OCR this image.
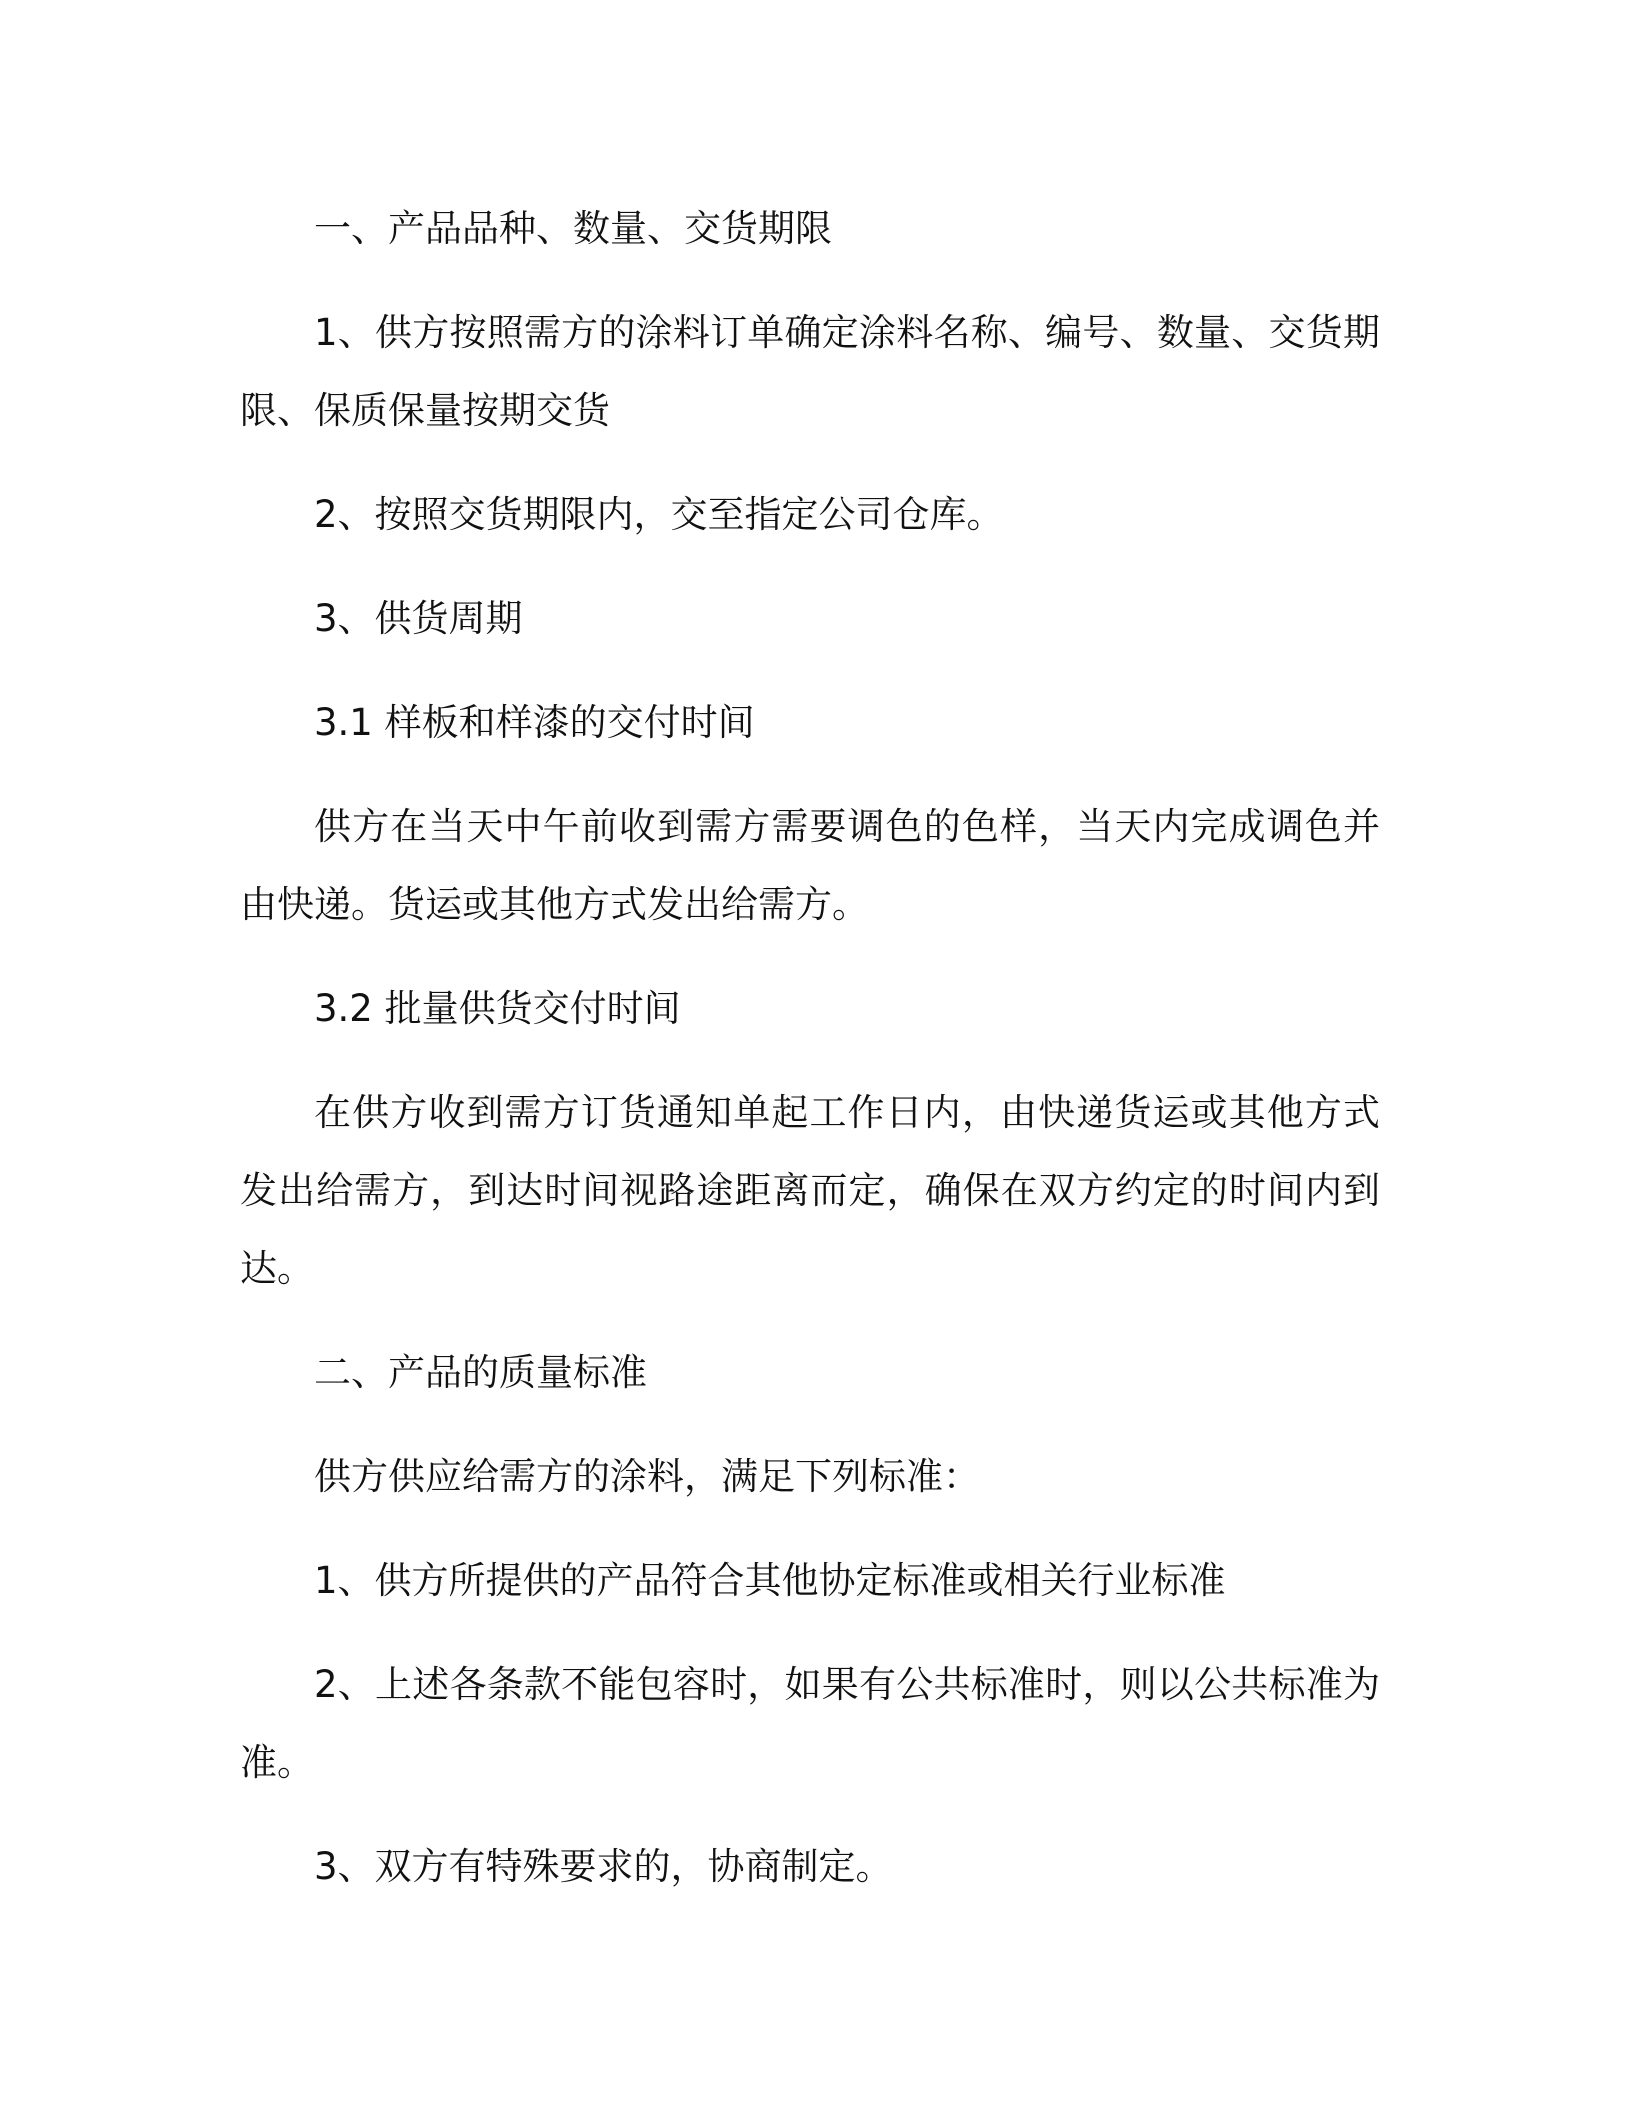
一、产品品种、数量、交货期限

1、供方按照需方的涂料订单确定涂料名称、编号、数量、交货期限、保质保量按期交货

2、按照交货期限内，交至指定公司仓库。

3、供货周期

3.1 样板和样漆的交付时间

供方在当天中午前收到需方需要调色的色样，当天内完成调色并由快递。货运或其他方式发出给需方。

3.2 批量供货交付时间

在供方收到需方订货通知单起工作日内，由快递货运或其他方式发出给需方，到达时间视路途距离而定，确保在双方约定的时间内到达。

二、产品的质量标准

供方供应给需方的涂料，满足下列标准：

1、供方所提供的产品符合其他协定标准或相关行业标准

2、上述各条款不能包容时，如果有公共标准时，则以公共标准为准。

3、双方有特殊要求的，协商制定。
